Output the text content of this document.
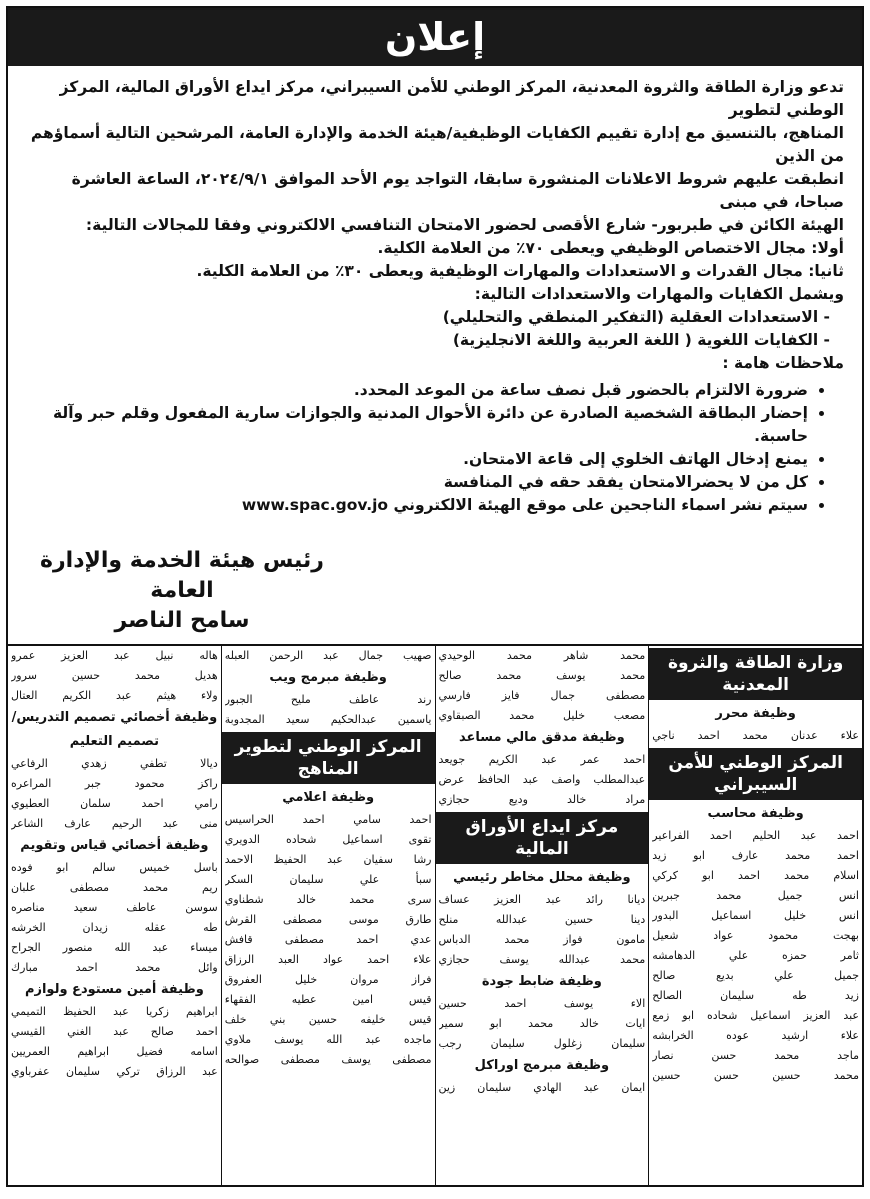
إعلان

تدعو وزارة الطاقة والثروة المعدنية، المركز الوطني للأمن السيبراني، مركز ايداع الأوراق المالية، المركز الوطني لتطوير

المناهج، بالتنسيق مع إدارة تقييم الكفايات الوظيفية/هيئة الخدمة والإدارة العامة، المرشحين التالية أسماؤهم من الذين

انطبقت عليهم شروط الاعلانات المنشورة سابقا، التواجد يوم الأحد الموافق ٢٠٢٤/٩/١، الساعة العاشرة صباحا، في مبنى

الهيئة الكائن في طبربور- شارع الأقصى لحضور الامتحان التنافسي الالكتروني وفقا للمجالات التالية:

أولا: مجال الاختصاص الوظيفي ويعطى ٧٠٪ من العلامة الكلية.

ثانيا: مجال القدرات و الاستعدادات والمهارات الوظيفية ويعطى ٣٠٪ من العلامة الكلية.

ويشمل الكفايات والمهارات والاستعدادات التالية:

- الاستعدادات العقلية (التفكير المنطقي والتحليلي)

- الكفايات اللغوية ( اللغة العربية واللغة الانجليزية)

ملاحظات هامة :

• ضرورة الالتزام بالحضور قبل نصف ساعة من الموعد المحدد.
• إحضار البطاقة الشخصية الصادرة عن دائرة الأحوال المدنية والجوازات سارية المفعول وقلم حبر وآلة حاسبة.
• يمنع إدخال الهاتف الخلوي إلى قاعة الامتحان.
• كل من لا يحضرالامتحان يفقد حقه في المنافسة
• سيتم نشر اسماء الناجحين على موقع الهيئة الالكتروني www.spac.gov.jo
رئيس هيئة الخدمة والإدارة العامة
سامح الناصر
وزارة الطاقة والثروة المعدنية
وظيفة محرر
علاء عدنان محمد احمد ناجي
المركز الوطني للأمن السيبراني
وظيفة محاسب
احمد عبد الحليم احمد الفراعير
احمد محمد عارف ابو زيد
اسلام محمد احمد ابو كركي
انس جميل محمد جبرين
انس خليل اسماعيل البدور
بهجت محمود عواد شعيل
ثامر حمزه علي الدهامشه
جميل علي بديع صالح
زيد طه سليمان الصالح
عبد العزيز اسماعيل شحاده ابو زمع
علاء ارشيد عوده الخرابشه
ماجد محمد حسن نصار
محمد حسين حسن حسين
محمد شاهر محمد الوحيدي
محمد يوسف محمد صالح
مصطفى جمال فايز فارسي
مصعب خليل محمد الصبقاوي
وظيفة مدقق مالي مساعد
احمد عمر عبد الكريم جويعد
عبدالمطلب واصف عبد الحافظ عرض
مراد خالد وديع حجازي
مركز ايداع الأوراق المالية
وظيفة محلل مخاطر رئيسي
ديانا رائد عبد العزيز عساف
دينا حسين عبدالله منلح
مامون فواز محمد الدباس
محمد عبدالله يوسف حجازي
وظيفة ضابط جودة
الاء يوسف احمد حسين
ايات خالد محمد ابو سمير
سليمان زغلول سليمان رجب
وظيفة مبرمج اوراكل
ايمان عبد الهادي سليمان زين
صهيب جمال عبد الرحمن العبله
وظيفة مبرمج ويب
رند عاطف مليح الجبور
ياسمين عبدالحكيم سعيد المجدوبة
المركز الوطني لتطوير المناهج
وظيفة اعلامي
احمد سامي احمد الحراسيس
تقوى اسماعيل شحاده الدويري
رشا سفيان عبد الحفيظ الاحمد
سبأ علي سليمان السكر
سرى محمد خالد شطناوي
طارق موسى مصطفى القرش
عدي احمد مصطفى قافش
علاء احمد عواد العبد الرزاق
فراز مروان خليل العفروق
قيس امين عطيه الفقهاء
قيس خليفه حسين بني خلف
ماجده عبد الله يوسف ملاوي
مصطفى يوسف مصطفى صوالحه
هاله نبيل عبد العزيز عمرو
هديل محمد حسين سرور
ولاء هيثم عبد الكريم العتال
وظيفة أخصائي تصميم التدريس/تصميم التعليم
ديالا تطفي زهدي الرفاعي
راكز محمود جبر المراعره
رامي احمد سلمان العطيوي
منى عبد الرحيم عارف الشاعر
وظيفة أخصائي قياس وتقويم
باسل خميس سالم ابو فوده
ريم محمد مصطفى علبان
سوسن عاطف سعيد مناصره
طه عقله زيدان الخرشه
ميساء عبد الله منصور الجراح
وائل محمد احمد مبارك
وظيفة أمين مستودع ولوازم
ابراهيم زكريا عبد الحفيظ التميمي
احمد صالح عبد الغني القيسي
اسامه فضيل ابراهيم العمريين
عبد الرزاق تركي سليمان عفرباوي
